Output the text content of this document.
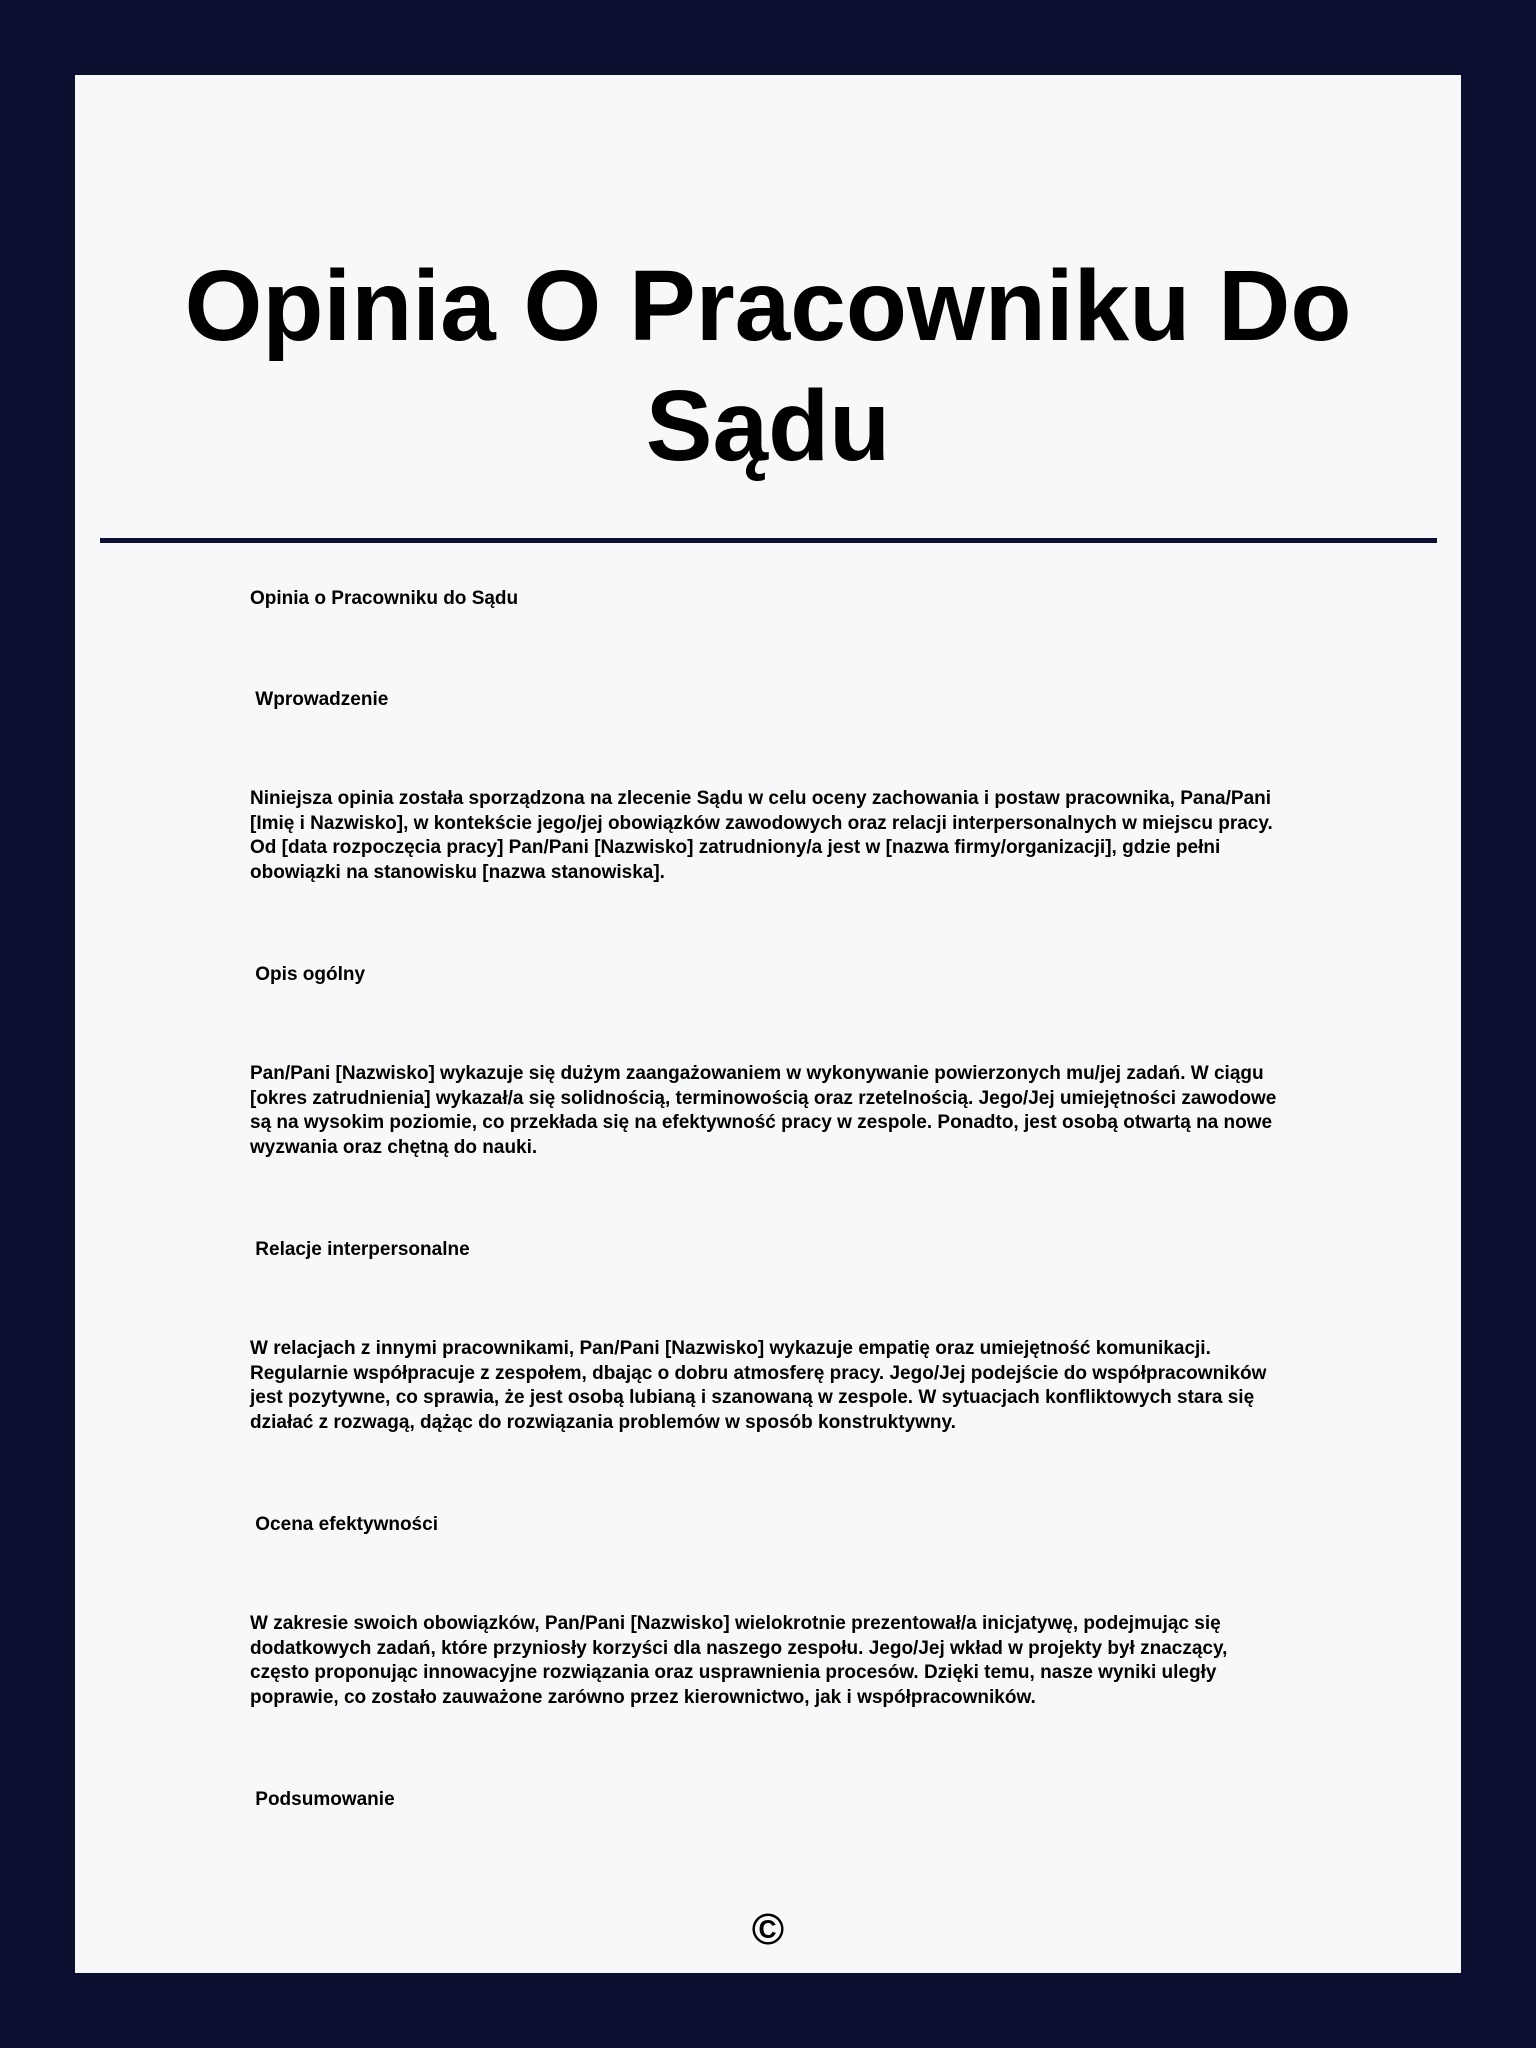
Opinia O Pracowniku Do
Sądu

Opinia o Pracowniku do Sądu

Wprowadzenie

Niniejsza opinia została sporządzona na zlecenie Sądu w celu oceny zachowania i postaw pracownika, Pana/Pani [Imię i Nazwisko], w kontekście jego/jej obowiązków zawodowych oraz relacji interpersonalnych w miejscu pracy. Od [data rozpoczęcia pracy] Pan/Pani [Nazwisko] zatrudniony/a jest w [nazwa firmy/organizacji], gdzie pełni obowiązki na stanowisku [nazwa stanowiska].

Opis ogólny

Pan/Pani [Nazwisko] wykazuje się dużym zaangażowaniem w wykonywanie powierzonych mu/jej zadań. W ciągu [okres zatrudnienia] wykazał/a się solidnością, terminowością oraz rzetelnością. Jego/Jej umiejętności zawodowe są na wysokim poziomie, co przekłada się na efektywność pracy w zespole. Ponadto, jest osobą otwartą na nowe wyzwania oraz chętną do nauki.

Relacje interpersonalne

W relacjach z innymi pracownikami, Pan/Pani [Nazwisko] wykazuje empatię oraz umiejętność komunikacji. Regularnie współpracuje z zespołem, dbając o dobru atmosferę pracy. Jego/Jej podejście do współpracowników jest pozytywne, co sprawia, że jest osobą lubianą i szanowaną w zespole. W sytuacjach konfliktowych stara się działać z rozwagą, dążąc do rozwiązania problemów w sposób konstruktywny.

Ocena efektywności

W zakresie swoich obowiązków, Pan/Pani [Nazwisko] wielokrotnie prezentował/a inicjatywę, podejmując się dodatkowych zadań, które przyniosły korzyści dla naszego zespołu. Jego/Jej wkład w projekty był znaczący, często proponując innowacyjne rozwiązania oraz usprawnienia procesów. Dzięki temu, nasze wyniki uległy poprawie, co zostało zauważone zarówno przez kierownictwo, jak i współpracowników.

Podsumowanie

©
